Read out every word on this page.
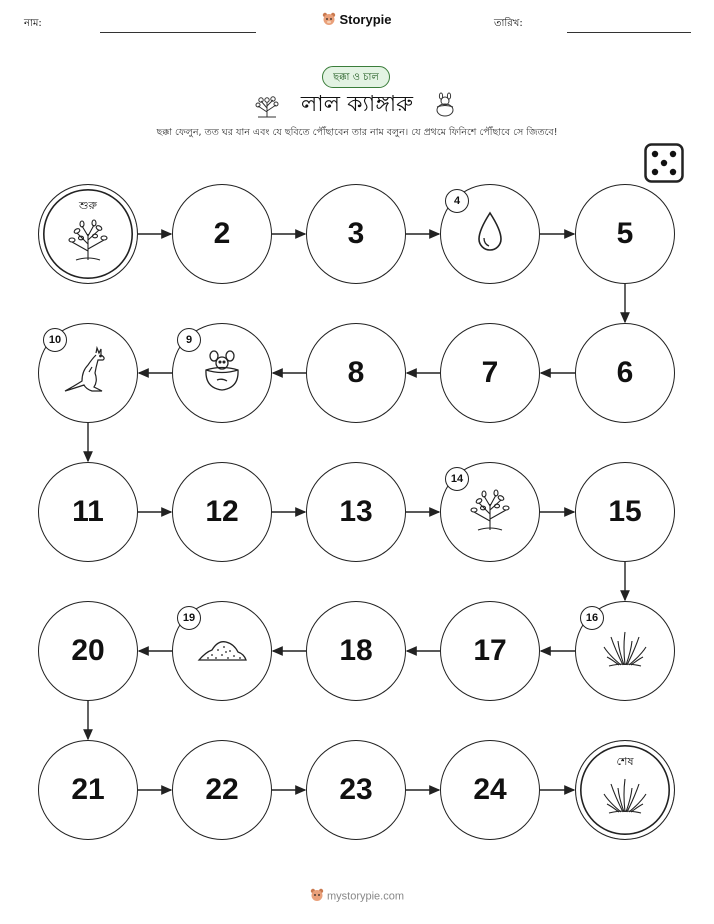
নাম:	Storypie	তারিখ:
ছক্কা ও চাল
লাল ক্যাঙ্গারু
ছক্কা ফেলুন, তত ঘর যান এবং যে ছবিতে পৌঁছাবেন তার নাম বলুন। যে প্রথমে ফিনিশে পৌঁছাবে সে জিতবে!
শুরু
2	3
4
5
6
7
8
9
10
11	12	13
14
15
16
17
18
19
20
21	22	23	24
শেষ
mystorypie.com
